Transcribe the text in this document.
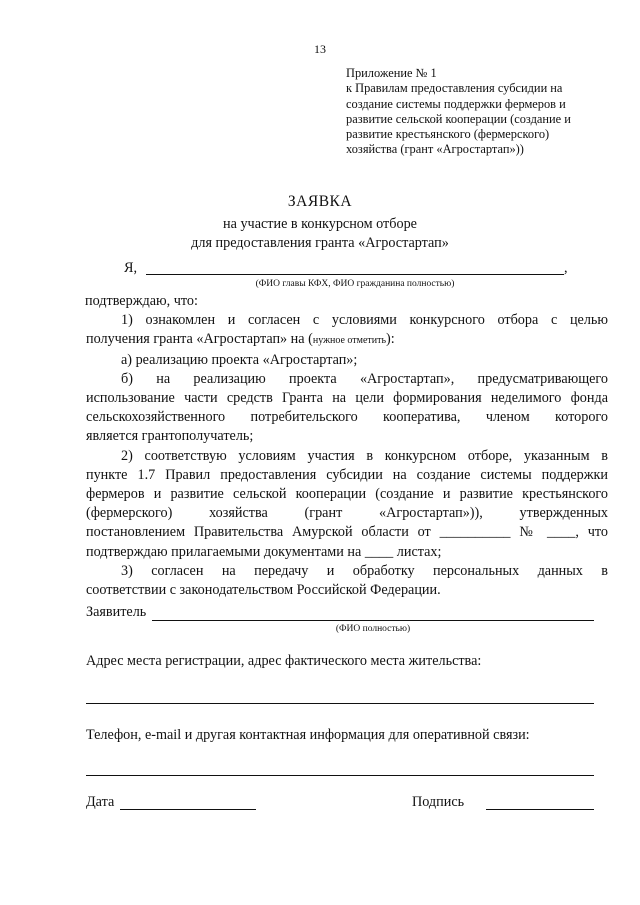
13
Приложение № 1
к Правилам предоставления субсидии на
создание системы поддержки фермеров и
развитие сельской кооперации (создание и
развитие крестьянского (фермерского)
хозяйства (грант «Агростартап»))
ЗАЯВКА
на участие в конкурсном отборе
для предоставления гранта «Агростартап»
Я,	,
(ФИО главы КФХ, ФИО гражданина полностью)
подтверждаю, что:
1) ознакомлен и согласен с условиями конкурсного отбора с целью
получения гранта «Агростартап» на (нужное отметить):
а) реализацию проекта «Агростартап»;
б) на реализацию проекта «Агростартап», предусматривающего
использование части средств Гранта на цели формирования неделимого фонда
сельскохозяйственного потребительского кооператива, членом которого
является грантополучатель;
2) соответствую условиям участия в конкурсном отборе, указанным в
пункте 1.7 Правил предоставления субсидии на создание системы поддержки
фермеров и развитие сельской кооперации (создание и развитие крестьянского
(фермерского) хозяйства (грант «Агростартап»)), утвержденных
постановлением Правительства Амурской области от __________ № ____, что
подтверждаю прилагаемыми документами на ____ листах;
3) согласен на передачу и обработку персональных данных в
соответствии с законодательством Российской Федерации.
Заявитель
(ФИО полностью)
Адрес места регистрации, адрес фактического места жительства:
Телефон, e-mail и другая контактная информация для оперативной связи:
Дата	Подпись
